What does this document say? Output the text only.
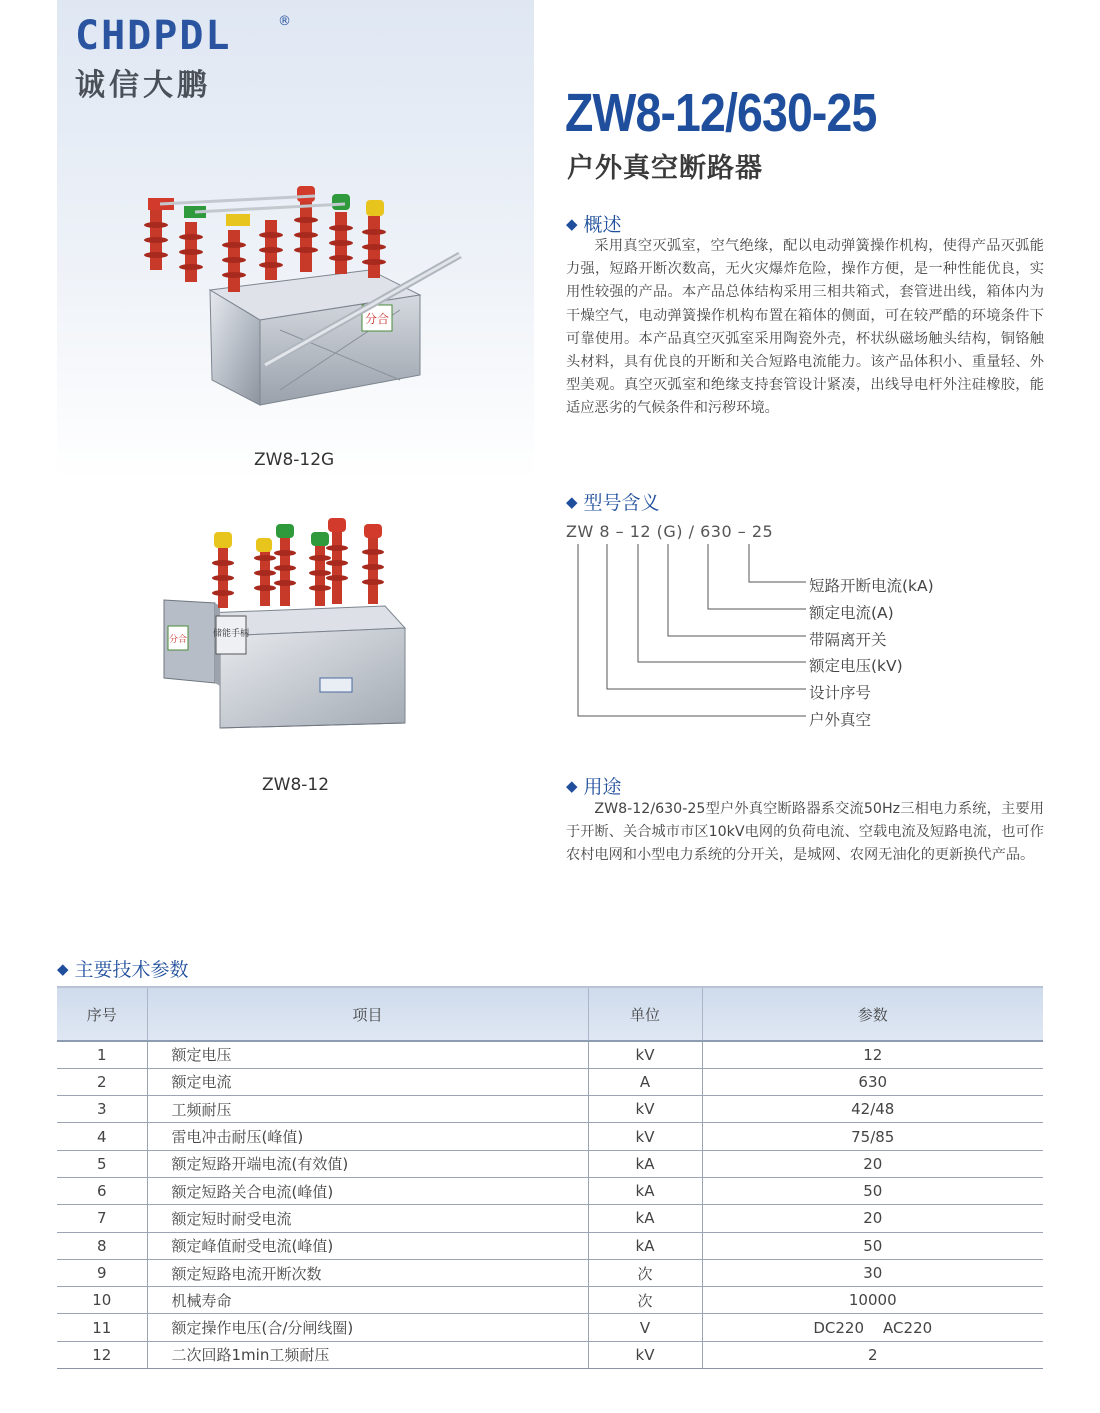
CHDPDL	®
诚信大鹏
分合
ZW8-12G
分合
储能手柄
ZW8-12
ZW8-12/630-25
户外真空断路器
◆ 概述
采用真空灭弧室，空气绝缘，配以电动弹簧操作机构，使得产品灭弧能力强，短路开断次数高，无火灾爆炸危险，操作方便，是一种性能优良，实用性较强的产品。本产品总体结构采用三相共箱式，套管进出线，箱体内为干燥空气，电动弹簧操作机构布置在箱体的侧面，可在较严酷的环境条件下可靠使用。本产品真空灭弧室采用陶瓷外壳，杯状纵磁场触头结构，铜铬触头材料，具有优良的开断和关合短路电流能力。该产品体积小、重量轻、外型美观。真空灭弧室和绝缘支持套管设计紧凑，出线导电杆外注硅橡胶，能适应恶劣的气候条件和污秽环境。
◆ 型号含义
ZW 8 – 12 (G) / 630 – 25
短路开断电流(kA)
额定电流(A)
带隔离开关
额定电压(kV)
设计序号
户外真空
◆ 用途
ZW8-12/630-25型户外真空断路器系交流50Hz三相电力系统，主要用于开断、关合城市市区10kV电网的负荷电流、空载电流及短路电流，也可作农村电网和小型电力系统的分开关，是城网、农网无油化的更新换代产品。
◆ 主要技术参数
序号	项目	单位	参数
1	额定电压	kV	12
2	额定电流	A	630
3	工频耐压	kV	42/48
4	雷电冲击耐压(峰值)	kV	75/85
5	额定短路开端电流(有效值)	kA	20
6	额定短路关合电流(峰值)	kA	50
7	额定短时耐受电流	kA	20
8	额定峰值耐受电流(峰值)	kA	50
9	额定短路电流开断次数	次	30
10	机械寿命	次	10000
11	额定操作电压(合/分闸线圈)	V	DC220    AC220
12	二次回路1min工频耐压	kV	2
